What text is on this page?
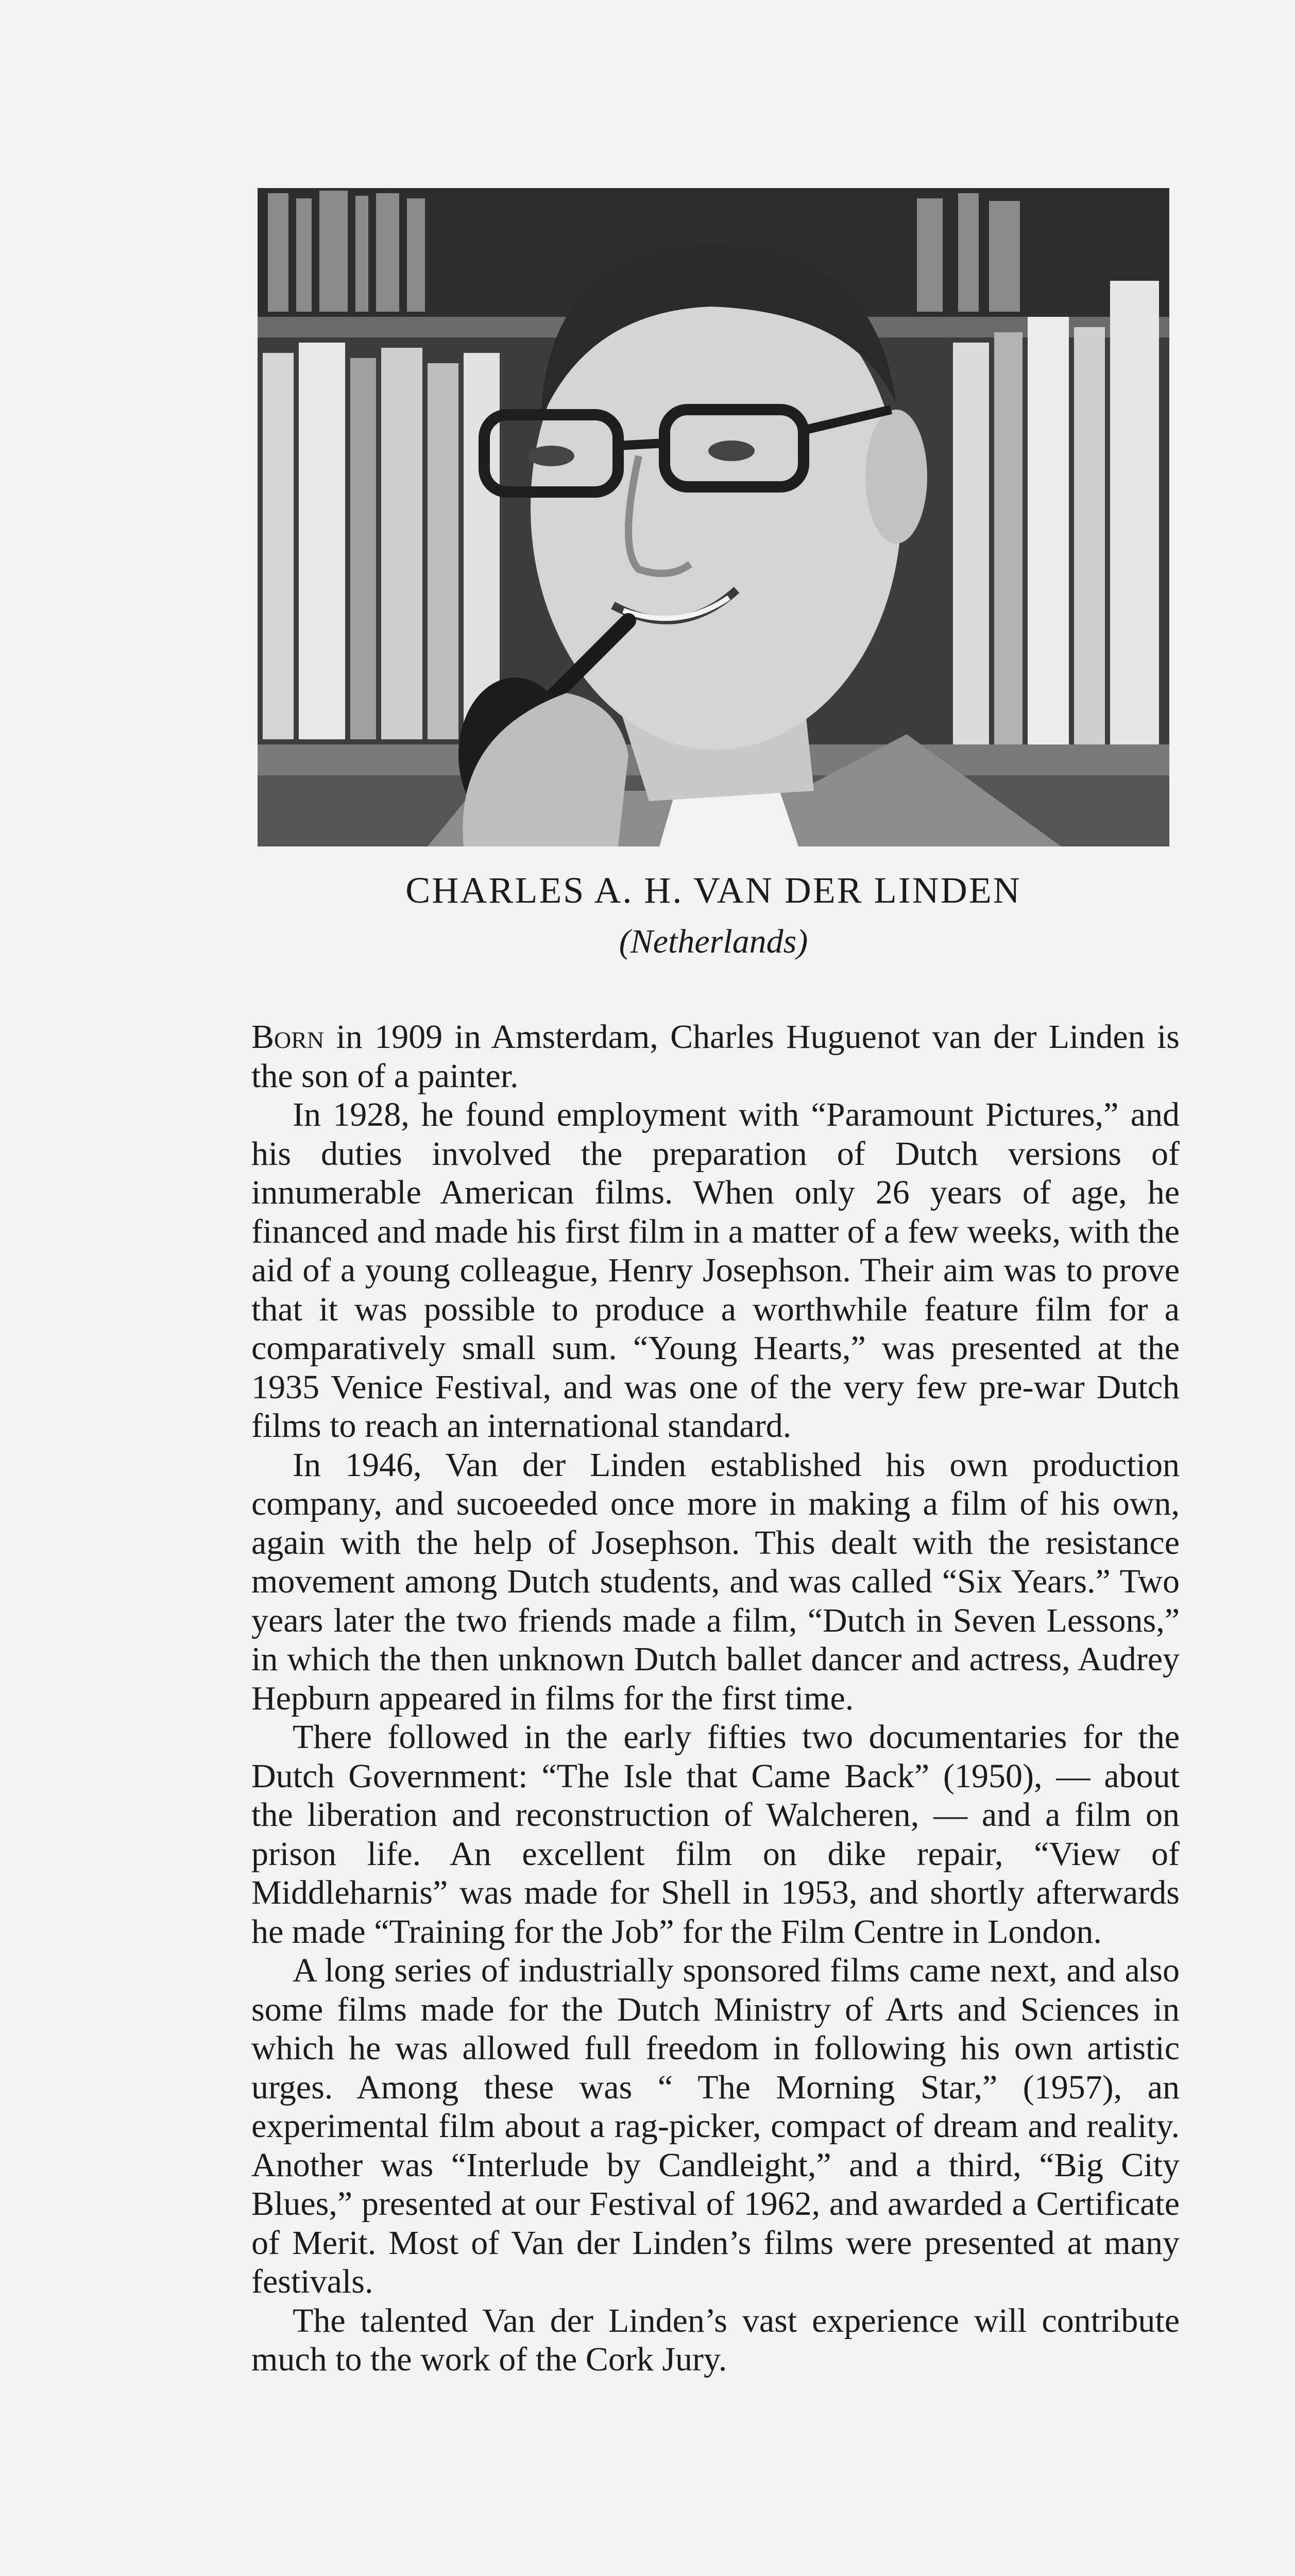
CHARLES A. H. VAN DER LINDEN
(Netherlands)

Born in 1909 in Amsterdam, Charles Huguenot van der Linden is the son of a painter.

In 1928, he found employment with “Paramount Pictures,” and his duties involved the preparation of Dutch versions of innumerable American films. When only 26 years of age, he financed and made his first film in a matter of a few weeks, with the aid of a young colleague, Henry Josephson. Their aim was to prove that it was possible to produce a worthwhile feature film for a comparatively small sum. “Young Hearts,” was presented at the 1935 Venice Festival, and was one of the very few pre-war Dutch films to reach an international standard.

In 1946, Van der Linden established his own production company, and sucoeeded once more in making a film of his own, again with the help of Josephson. This dealt with the resistance movement among Dutch students, and was called “Six Years.” Two years later the two friends made a film, “Dutch in Seven Lessons,” in which the then unknown Dutch ballet dancer and actress, Audrey Hepburn appeared in films for the first time.

There followed in the early fifties two documentaries for the Dutch Government: “The Isle that Came Back” (1950), — about the liberation and reconstruction of Walcheren, — and a film on prison life. An excellent film on dike repair, “View of Middleharnis” was made for Shell in 1953, and shortly afterwards he made “Training for the Job” for the Film Centre in London.

A long series of industrially sponsored films came next, and also some films made for the Dutch Ministry of Arts and Sciences in which he was allowed full freedom in following his own artistic urges. Among these was “ The Morning Star,” (1957), an experimental film about a rag-picker, compact of dream and reality. Another was “Interlude by Candleight,” and a third, “Big City Blues,” presented at our Festival of 1962, and awarded a Certificate of Merit. Most of Van der Linden’s films were presented at many festivals.

The talented Van der Linden’s vast experience will contribute much to the work of the Cork Jury.
